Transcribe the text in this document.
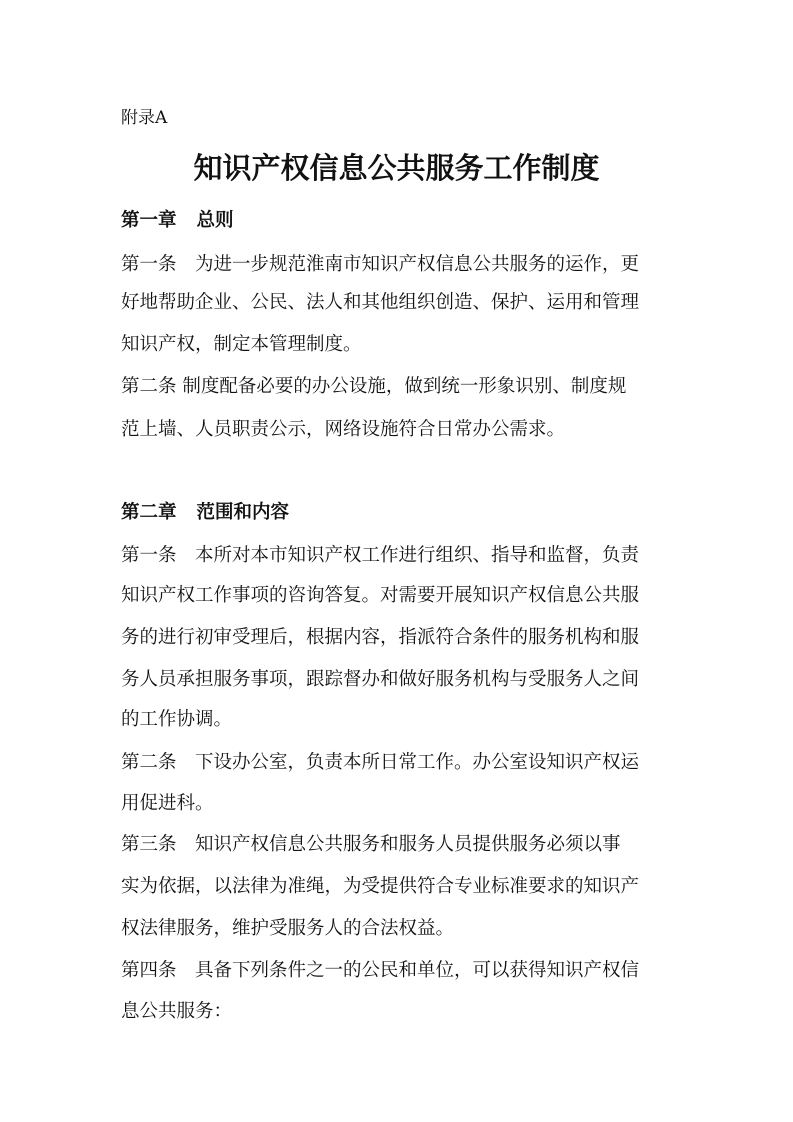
附录A
知识产权信息公共服务工作制度
第一章 总则
第一条　为进一步规范淮南市知识产权信息公共服务的运作，更
好地帮助企业、公民、法人和其他组织创造、保护、运用和管理
知识产权，制定本管理制度。
第二条 制度配备必要的办公设施，做到统一形象识别、制度规
范上墙、人员职责公示，网络设施符合日常办公需求。
第二章 范围和内容
第一条　本所对本市知识产权工作进行组织、指导和监督，负责
知识产权工作事项的咨询答复。对需要开展知识产权信息公共服
务的进行初审受理后，根据内容，指派符合条件的服务机构和服
务人员承担服务事项，跟踪督办和做好服务机构与受服务人之间
的工作协调。
第二条　下设办公室，负责本所日常工作。办公室设知识产权运
用促进科。
第三条　知识产权信息公共服务和服务人员提供服务必须以事
实为依据，以法律为准绳，为受提供符合专业标准要求的知识产
权法律服务，维护受服务人的合法权益。
第四条　具备下列条件之一的公民和单位，可以获得知识产权信
息公共服务：
